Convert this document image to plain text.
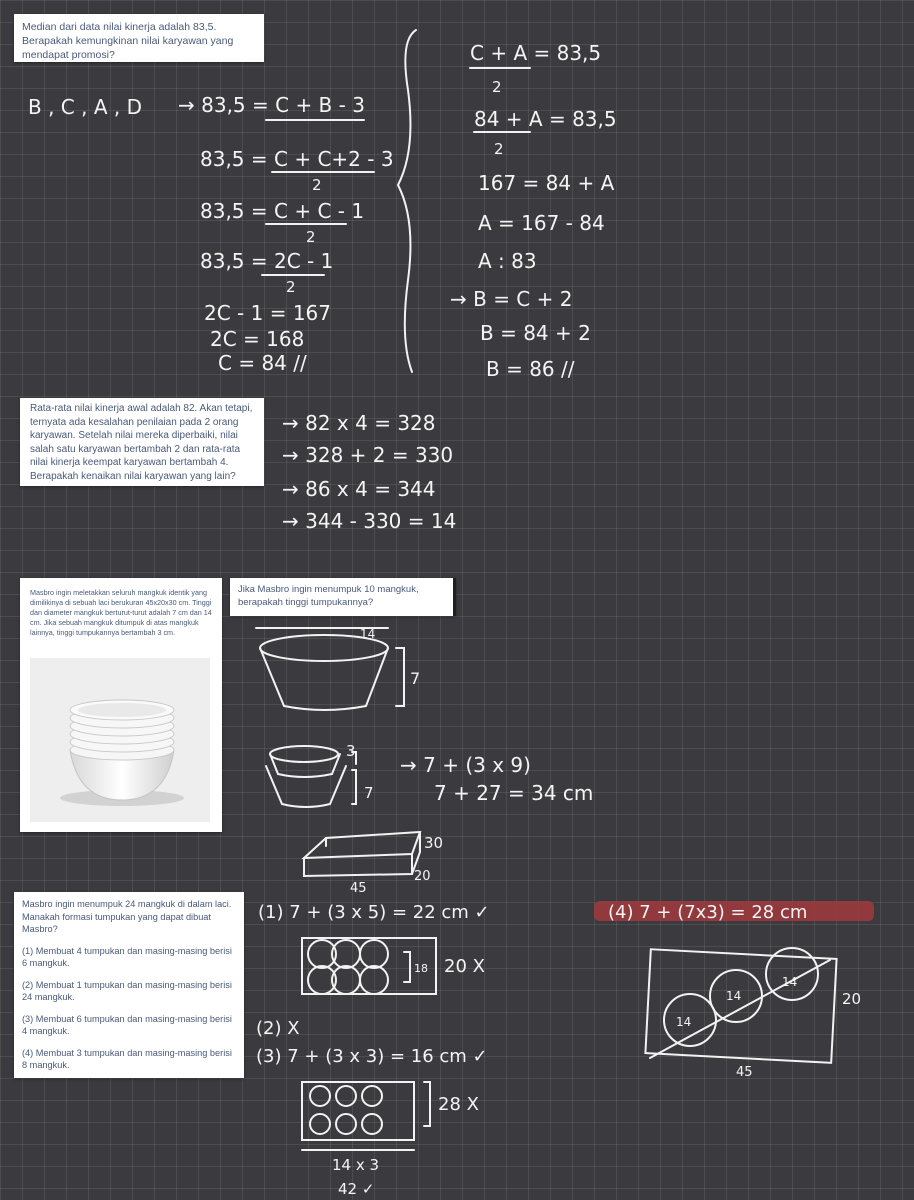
Median dari data nilai kinerja adalah 83,5. Berapakah kemungkinan nilai karyawan yang mendapat promosi?

Rata-rata nilai kinerja awal adalah 82. Akan tetapi, ternyata ada kesalahan penilaian pada 2 orang karyawan. Setelah nilai mereka diperbaiki, nilai salah satu karyawan bertambah 2 dan rata-rata nilai kinerja keempat karyawan bertambah 4. Berapakah kenaikan nilai karyawan yang lain?

Masbro ingin meletakkan seluruh mangkuk identik yang dimilikinya di sebuah laci berukuran 45x20x30 cm. Tinggi dan diameter mangkuk berturut-turut adalah 7 cm dan 14 cm. Jika sebuah mangkuk ditumpuk di atas mangkuk lainnya, tinggi tumpukannya bertambah 3 cm.

Jika Masbro ingin menumpuk 10 mangkuk, berapakah tinggi tumpukannya?

Masbro ingin menumpuk 24 mangkuk di dalam laci. Manakah formasi tumpukan yang dapat dibuat Masbro?

(1) Membuat 4 tumpukan dan masing-masing berisi 6 mangkuk.

(2) Membuat 1 tumpukan dan masing-masing berisi 24 mangkuk.

(3) Membuat 6 tumpukan dan masing-masing berisi 4 mangkuk.

(4) Membuat 3 tumpukan dan masing-masing berisi 8 mangkuk.

B , C , A , D → 83,5 = C + B - 3
83,5 = C + C+2 - 3
2
83,5 = C + C - 1
2
83,5 = 2C - 1
2
2C - 1 = 167
2C = 168
C = 84 //
C + A = 83,5
2
84 + A = 83,5
2
167 = 84 + A
A = 167 - 84
A : 83
→ B = C + 2
B = 84 + 2
B = 86 //
→ 82 x 4 = 328
→ 328 + 2 = 330
→ 86 x 4 = 344
→ 344 - 330 = 14
14
7
3
7
→ 7 + (3 x 9)
7 + 27 = 34 cm
30
45
20
(1) 7 + (3 x 5) = 22 cm ✓	(4) 7 + (7x3) = 28 cm
18 20 X
(2) X
(3) 7 + (3 x 3) = 16 cm ✓
28 X
14 x 3
42 ✓
14
14
14
20
45
